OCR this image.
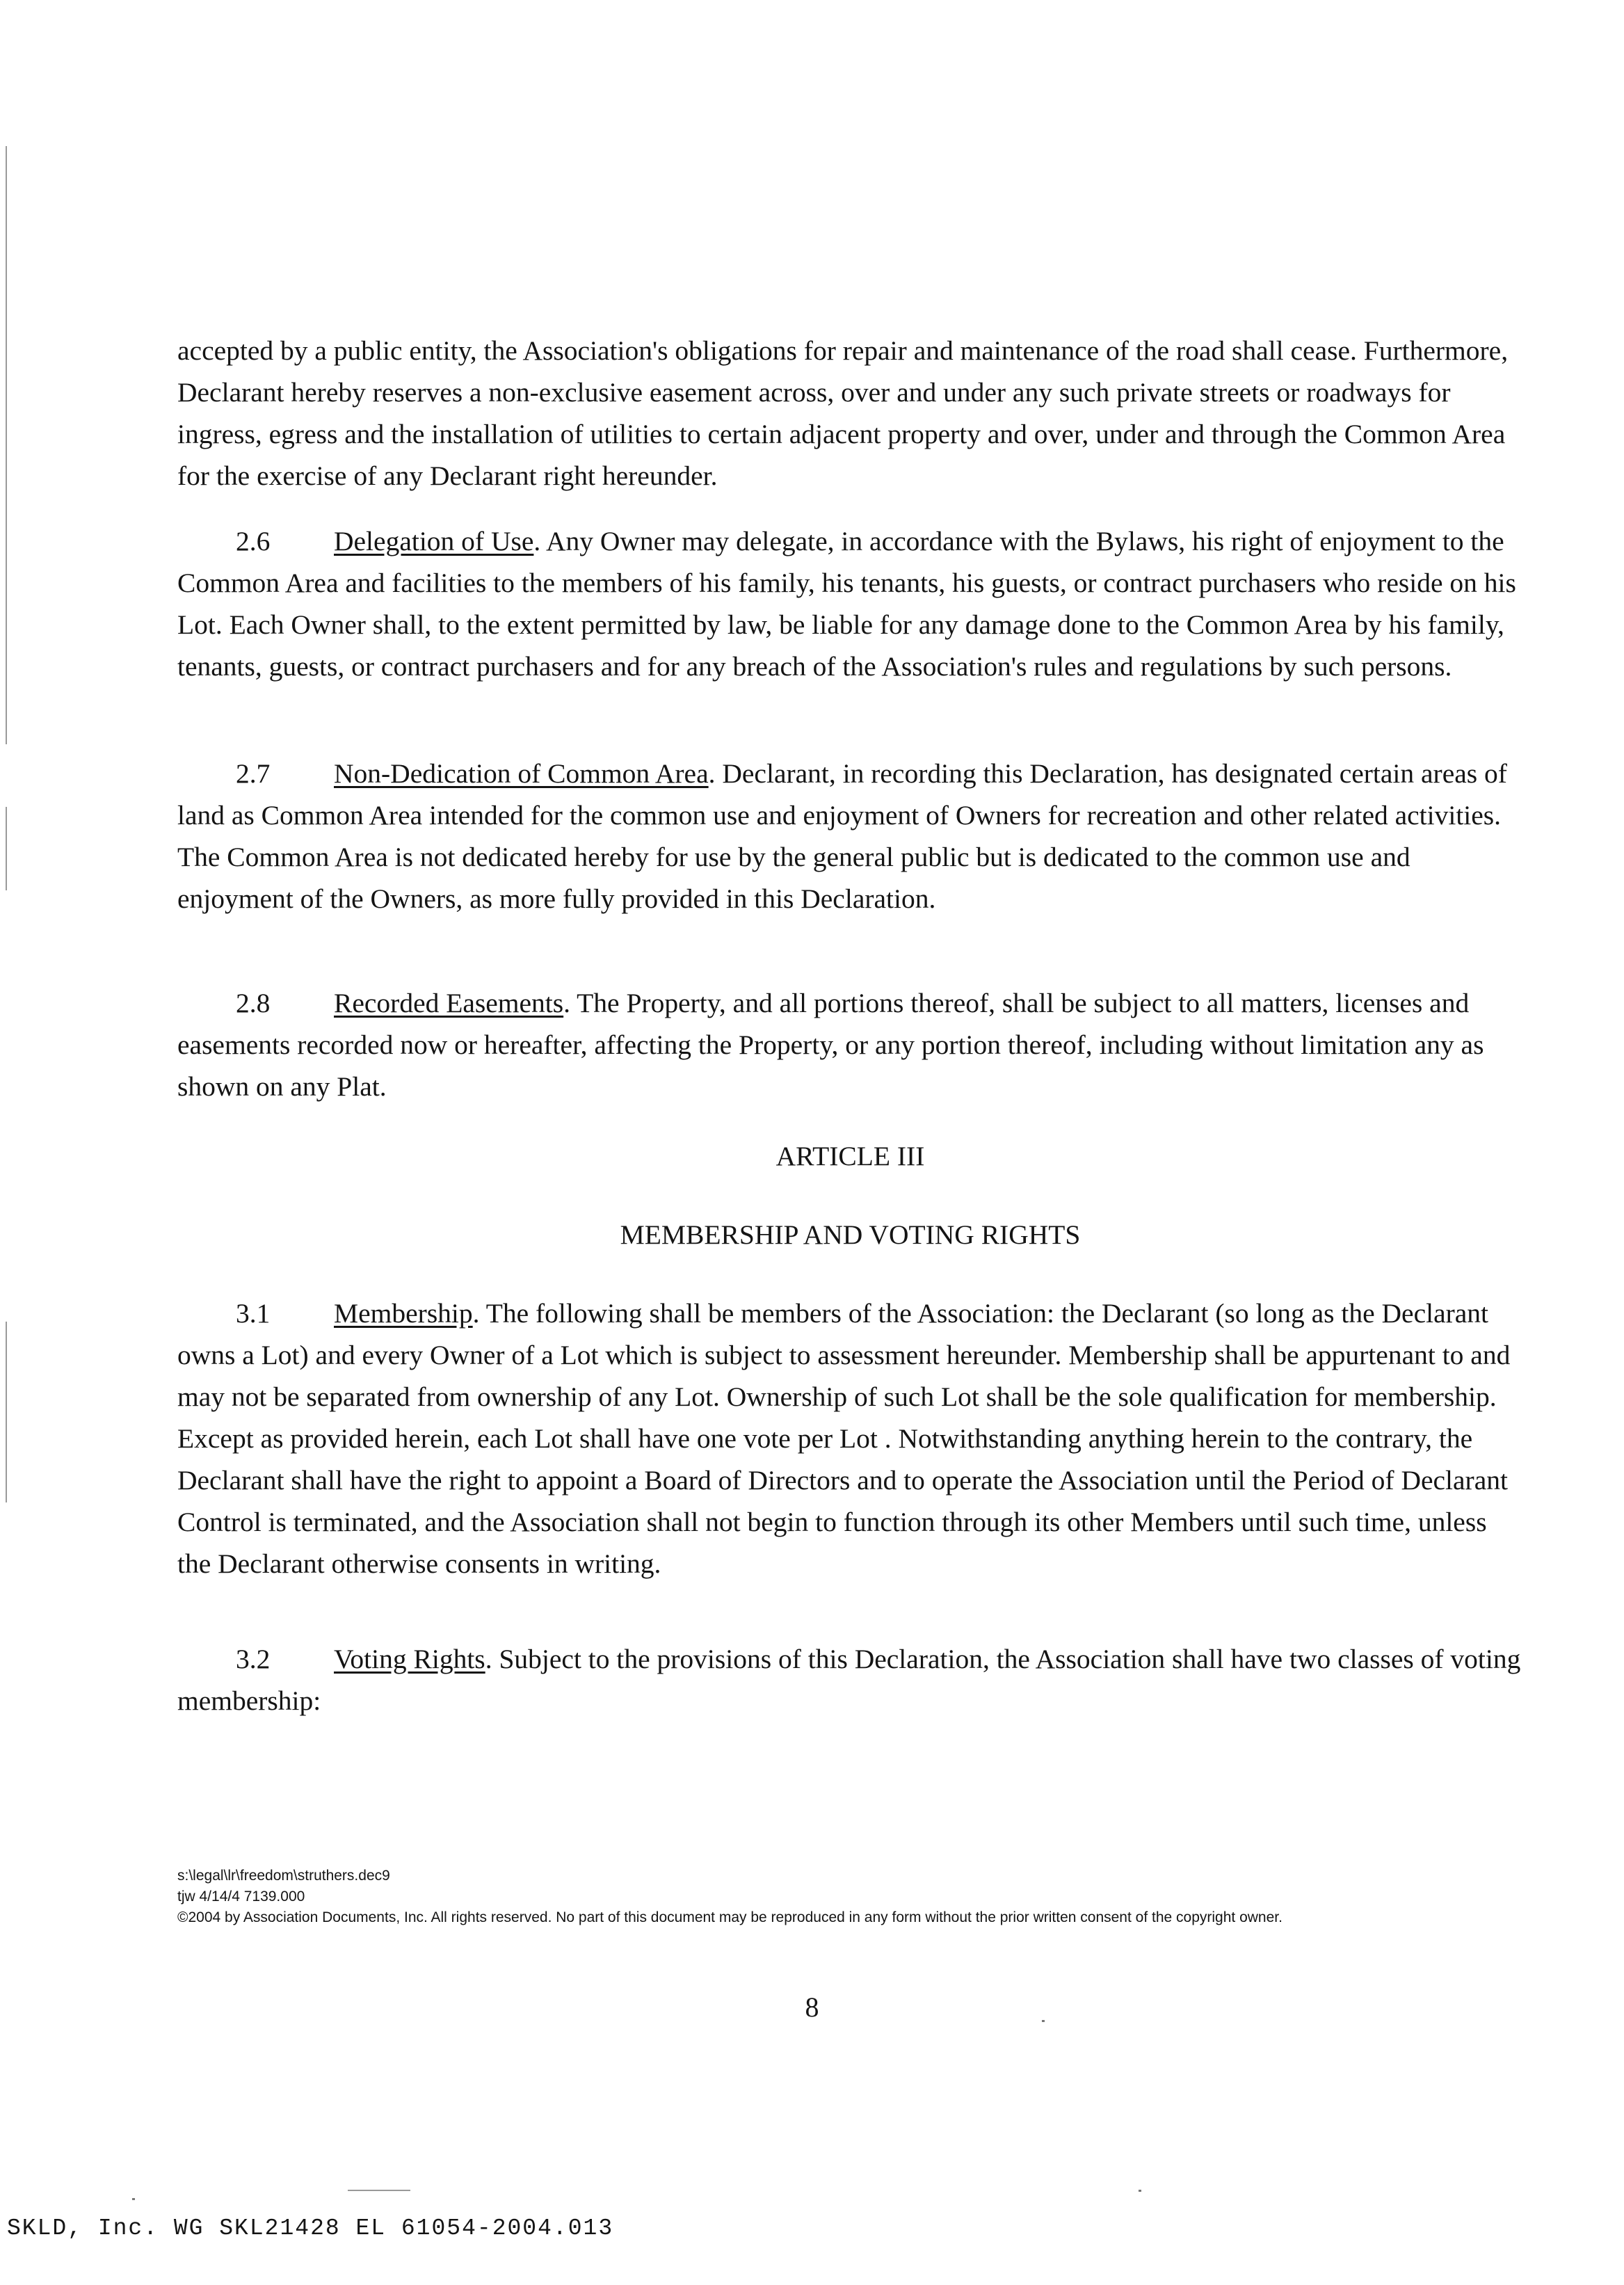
accepted by a public entity, the Association's obligations for repair and maintenance of the road shall cease. Furthermore, Declarant hereby reserves a non-exclusive easement across, over and under any such private streets or roadways for ingress, egress and the installation of utilities to certain adjacent property and over, under and through the Common Area for the exercise of any Declarant right hereunder.

2.6 Delegation of Use. Any Owner may delegate, in accordance with the Bylaws, his right of enjoyment to the Common Area and facilities to the members of his family, his tenants, his guests, or contract purchasers who reside on his Lot. Each Owner shall, to the extent permitted by law, be liable for any damage done to the Common Area by his family, tenants, guests, or contract purchasers and for any breach of the Association's rules and regulations by such persons.

2.7 Non-Dedication of Common Area. Declarant, in recording this Declaration, has designated certain areas of land as Common Area intended for the common use and enjoyment of Owners for recreation and other related activities. The Common Area is not dedicated hereby for use by the general public but is dedicated to the common use and enjoyment of the Owners, as more fully provided in this Declaration.

2.8 Recorded Easements. The Property, and all portions thereof, shall be subject to all matters, licenses and easements recorded now or hereafter, affecting the Property, or any portion thereof, including without limitation any as shown on any Plat.

ARTICLE III

MEMBERSHIP AND VOTING RIGHTS

3.1 Membership. The following shall be members of the Association: the Declarant (so long as the Declarant owns a Lot) and every Owner of a Lot which is subject to assessment hereunder. Membership shall be appurtenant to and may not be separated from ownership of any Lot. Ownership of such Lot shall be the sole qualification for membership. Except as provided herein, each Lot shall have one vote per Lot . Notwithstanding anything herein to the contrary, the Declarant shall have the right to appoint a Board of Directors and to operate the Association until the Period of Declarant Control is terminated, and the Association shall not begin to function through its other Members until such time, unless the Declarant otherwise consents in writing.

3.2 Voting Rights. Subject to the provisions of this Declaration, the Association shall have two classes of voting membership:

s:\legal\lr\freedom\struthers.dec9
tjw 4/14/4 7139.000
©2004 by Association Documents, Inc. All rights reserved. No part of this document may be reproduced in any form without the prior written consent of the copyright owner.
8
SKLD, Inc. WG SKL21428 EL 61054-2004.013
